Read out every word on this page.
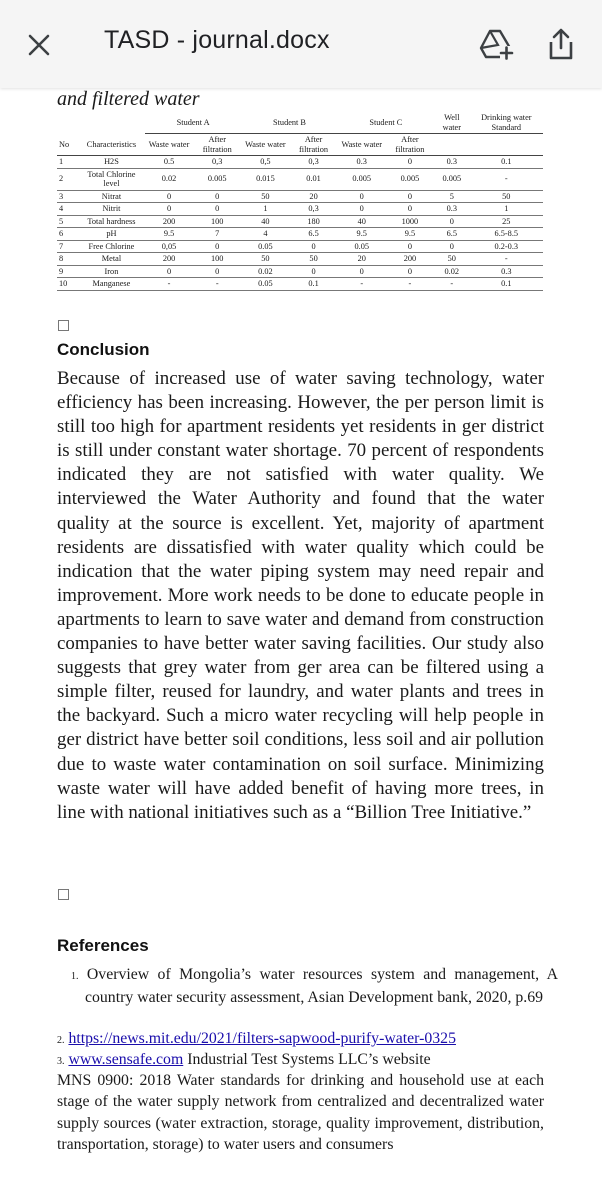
TASD - journal.docx
and filtered water
		Student A		Student B		Student C		Well water	Drinking water Standard
No	Characteristics	Waste water	After filtration	Waste water	After filtration	Waste water	After filtration		
1	H2S	0.5	0,3	0,5	0,3	0.3	0	0.3	0.1
2	Total Chlorine level	0.02	0.005	0.015	0.01	0.005	0.005	0.005	-
3	Nitrat	0	0	50	20	0	0	5	50
4	Nitrit	0	0	1	0,3	0	0	0.3	1
5	Total hardness	200	100	40	180	40	1000	0	25
6	pH	9.5	7	4	6.5	9.5	9.5	6.5	6.5-8.5
7	Free Chlorine	0,05	0	0.05	0	0.05	0	0	0.2-0.3
8	Metal	200	100	50	50	20	200	50	-
9	Iron	0	0	0.02	0	0	0	0.02	0.3
10	Manganese	-	-	0.05	0.1	-	-	-	0.1
Conclusion

Because of increased use of water saving technology, water efficiency has been increasing. However, the per person limit is still too high for apartment residents yet residents in ger district is still under constant water shortage. 70 percent of respondents indicated they are not satisfied with water quality. We interviewed the Water Authority and found that the water quality at the source is excellent. Yet, majority of apartment residents are dissatisfied with water quality which could be indication that the water piping system may need repair and improvement. More work needs to be done to educate people in apartments to learn to save water and demand from construction companies to have better water saving facilities. Our study also suggests that grey water from ger area can be filtered using a simple filter, reused for laundry, and water plants and trees in the backyard. Such a micro water recycling will help people in ger district have better soil conditions, less soil and air pollution due to waste water contamination on soil surface. Minimizing waste water will have added benefit of having more trees, in line with national initiatives such as a “Billion Tree Initiative.”

References

1. Overview of Mongolia’s water resources system and management, A country water security assessment, Asian Development bank, 2020, p.69

2. https://news.mit.edu/2021/filters-sapwood-purify-water-0325

3. www.sensafe.com Industrial Test Systems LLC’s website

MNS 0900: 2018 Water standards for drinking and household use at each stage of the water supply network from centralized and decentralized water supply sources (water extraction, storage, quality improvement, distribution, transportation, storage) to water users and consumers
